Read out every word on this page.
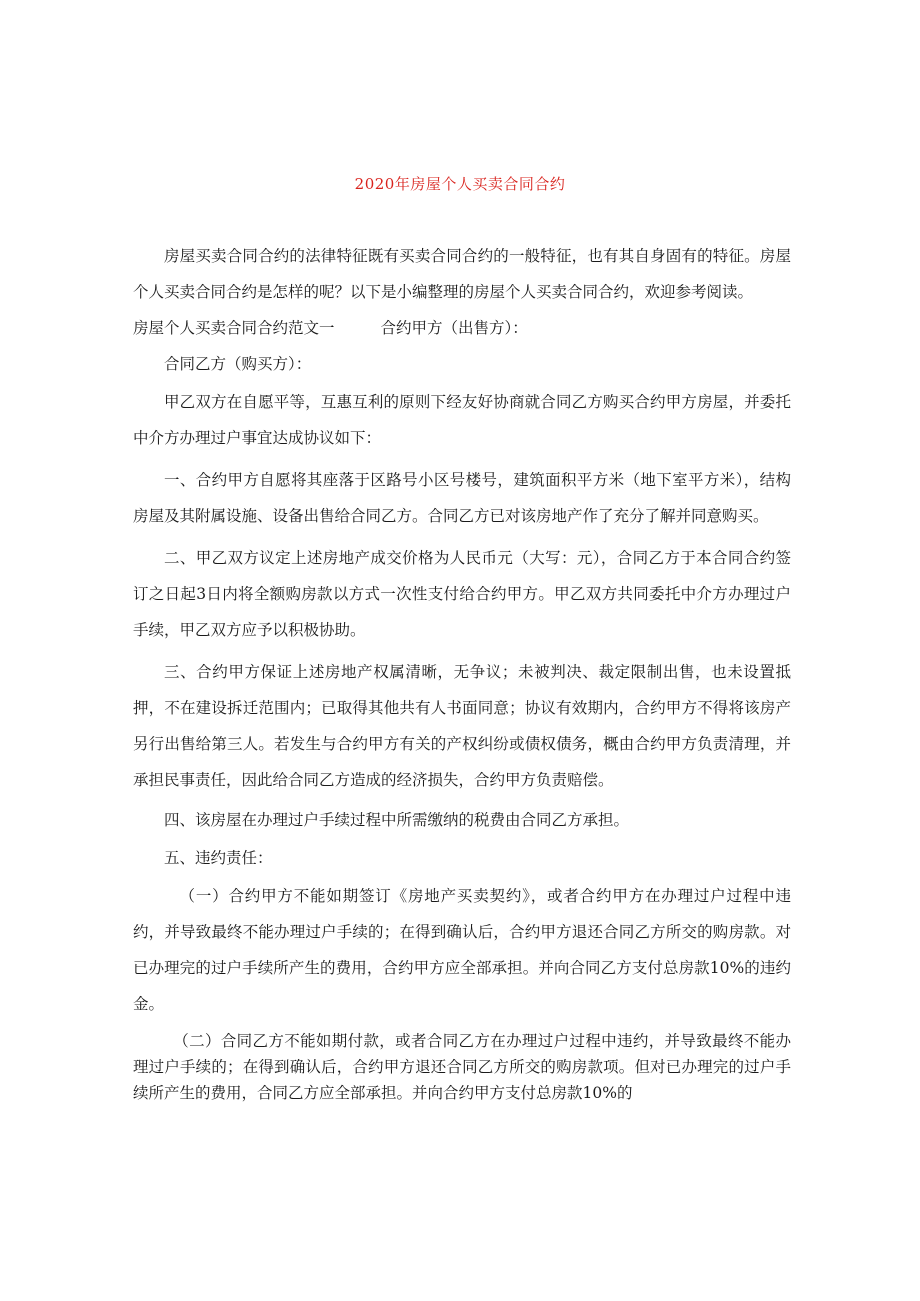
2020年房屋个人买卖合同合约

房屋买卖合同合约的法律特征既有买卖合同合约的一般特征，也有其自身固有的特征。房屋个人买卖合同合约是怎样的呢？以下是小编整理的房屋个人买卖合同合约，欢迎参考阅读。

房屋个人买卖合同合约范文一	合约甲方（出售方）：

合同乙方（购买方）：

甲乙双方在自愿平等，互惠互利的原则下经友好协商就合同乙方购买合约甲方房屋，并委托中介方办理过户事宜达成协议如下：

一、合约甲方自愿将其座落于区路号小区号楼号，建筑面积平方米（地下室平方米），结构房屋及其附属设施、设备出售给合同乙方。合同乙方已对该房地产作了充分了解并同意购买。

二、甲乙双方议定上述房地产成交价格为人民币元（大写：元），合同乙方于本合同合约签订之日起3日内将全额购房款以方式一次性支付给合约甲方。甲乙双方共同委托中介方办理过户手续，甲乙双方应予以积极协助。

三、合约甲方保证上述房地产权属清晰，无争议；未被判决、裁定限制出售，也未设置抵押，不在建设拆迁范围内；已取得其他共有人书面同意；协议有效期内，合约甲方不得将该房产另行出售给第三人。若发生与合约甲方有关的产权纠纷或债权债务，概由合约甲方负责清理，并承担民事责任，因此给合同乙方造成的经济损失，合约甲方负责赔偿。

四、该房屋在办理过户手续过程中所需缴纳的税费由合同乙方承担。

五、违约责任：

（一）合约甲方不能如期签订《房地产买卖契约》，或者合约甲方在办理过户过程中违约，并导致最终不能办理过户手续的；在得到确认后，合约甲方退还合同乙方所交的购房款。对已办理完的过户手续所产生的费用，合约甲方应全部承担。并向合同乙方支付总房款10%的违约金。

（二）合同乙方不能如期付款，或者合同乙方在办理过户过程中违约，并导致最终不能办理过户手续的；在得到确认后，合约甲方退还合同乙方所交的购房款项。但对已办理完的过户手续所产生的费用，合同乙方应全部承担。并向合约甲方支付总房款10%的
